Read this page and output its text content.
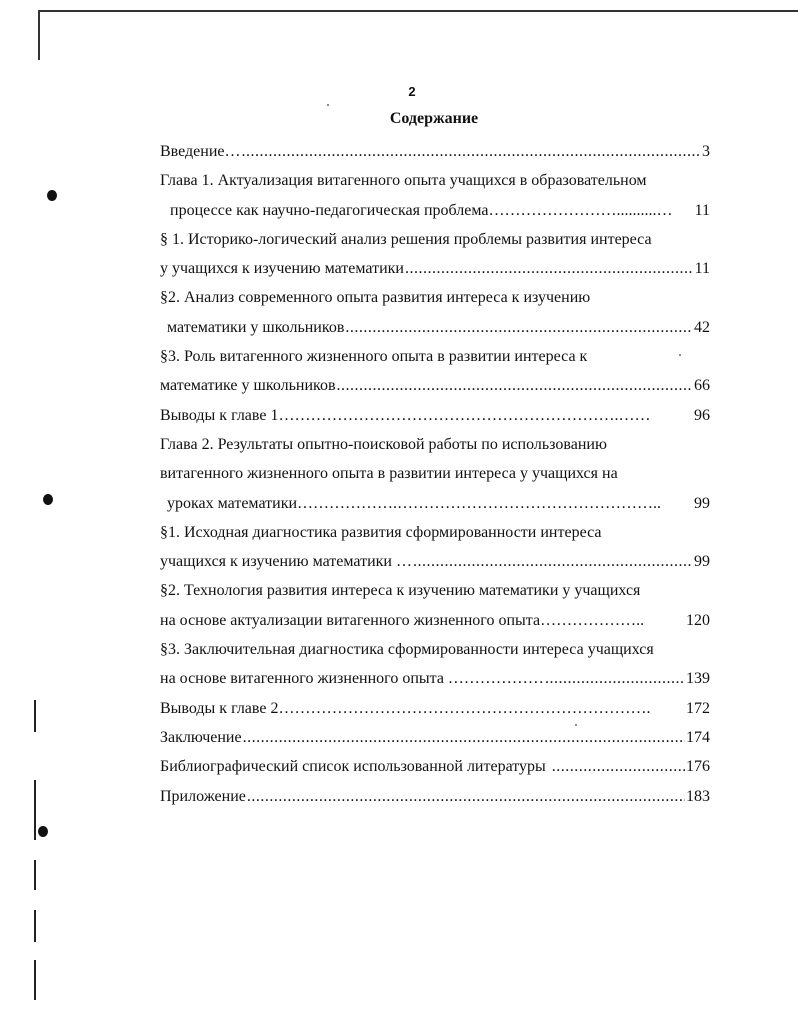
2
Содержание
Введение… .....	3
Глава 1. Актуализация витагенного опыта учащихся в образовательном
процессе как научно-педагогическая проблема……………………..........… 11
§ 1. Историко-логический анализ решения проблемы развития интереса
у учащихся к изучению математики .....	11
§2. Анализ современного опыта развития интереса к изучению
математики у школьников .....	42
§3. Роль витагенного жизненного опыта в развитии интереса к
математике у школьников .....	66
Выводы к главе 1……………………………………………………….……	96
Глава 2. Результаты опытно-поисковой работы по использованию
витагенного жизненного опыта в развитии интереса у учащихся на
уроках математики……………….………………………………………….. 99
§1. Исходная диагностика развития сформированности интереса
учащихся к изучению математики … .....	99
§2. Технология развития интереса к изучению математики у учащихся
на основе актуализации витагенного жизненного опыта………………..	120
§3. Заключительная диагностика сформированности интереса учащихся
на основе витагенного жизненного опыта ……………… .....	139
Выводы к главе 2……………………………………………………………. 172
Заключение .....	174
Библиографический список использованной литературы .....	176
Приложение .....	183
